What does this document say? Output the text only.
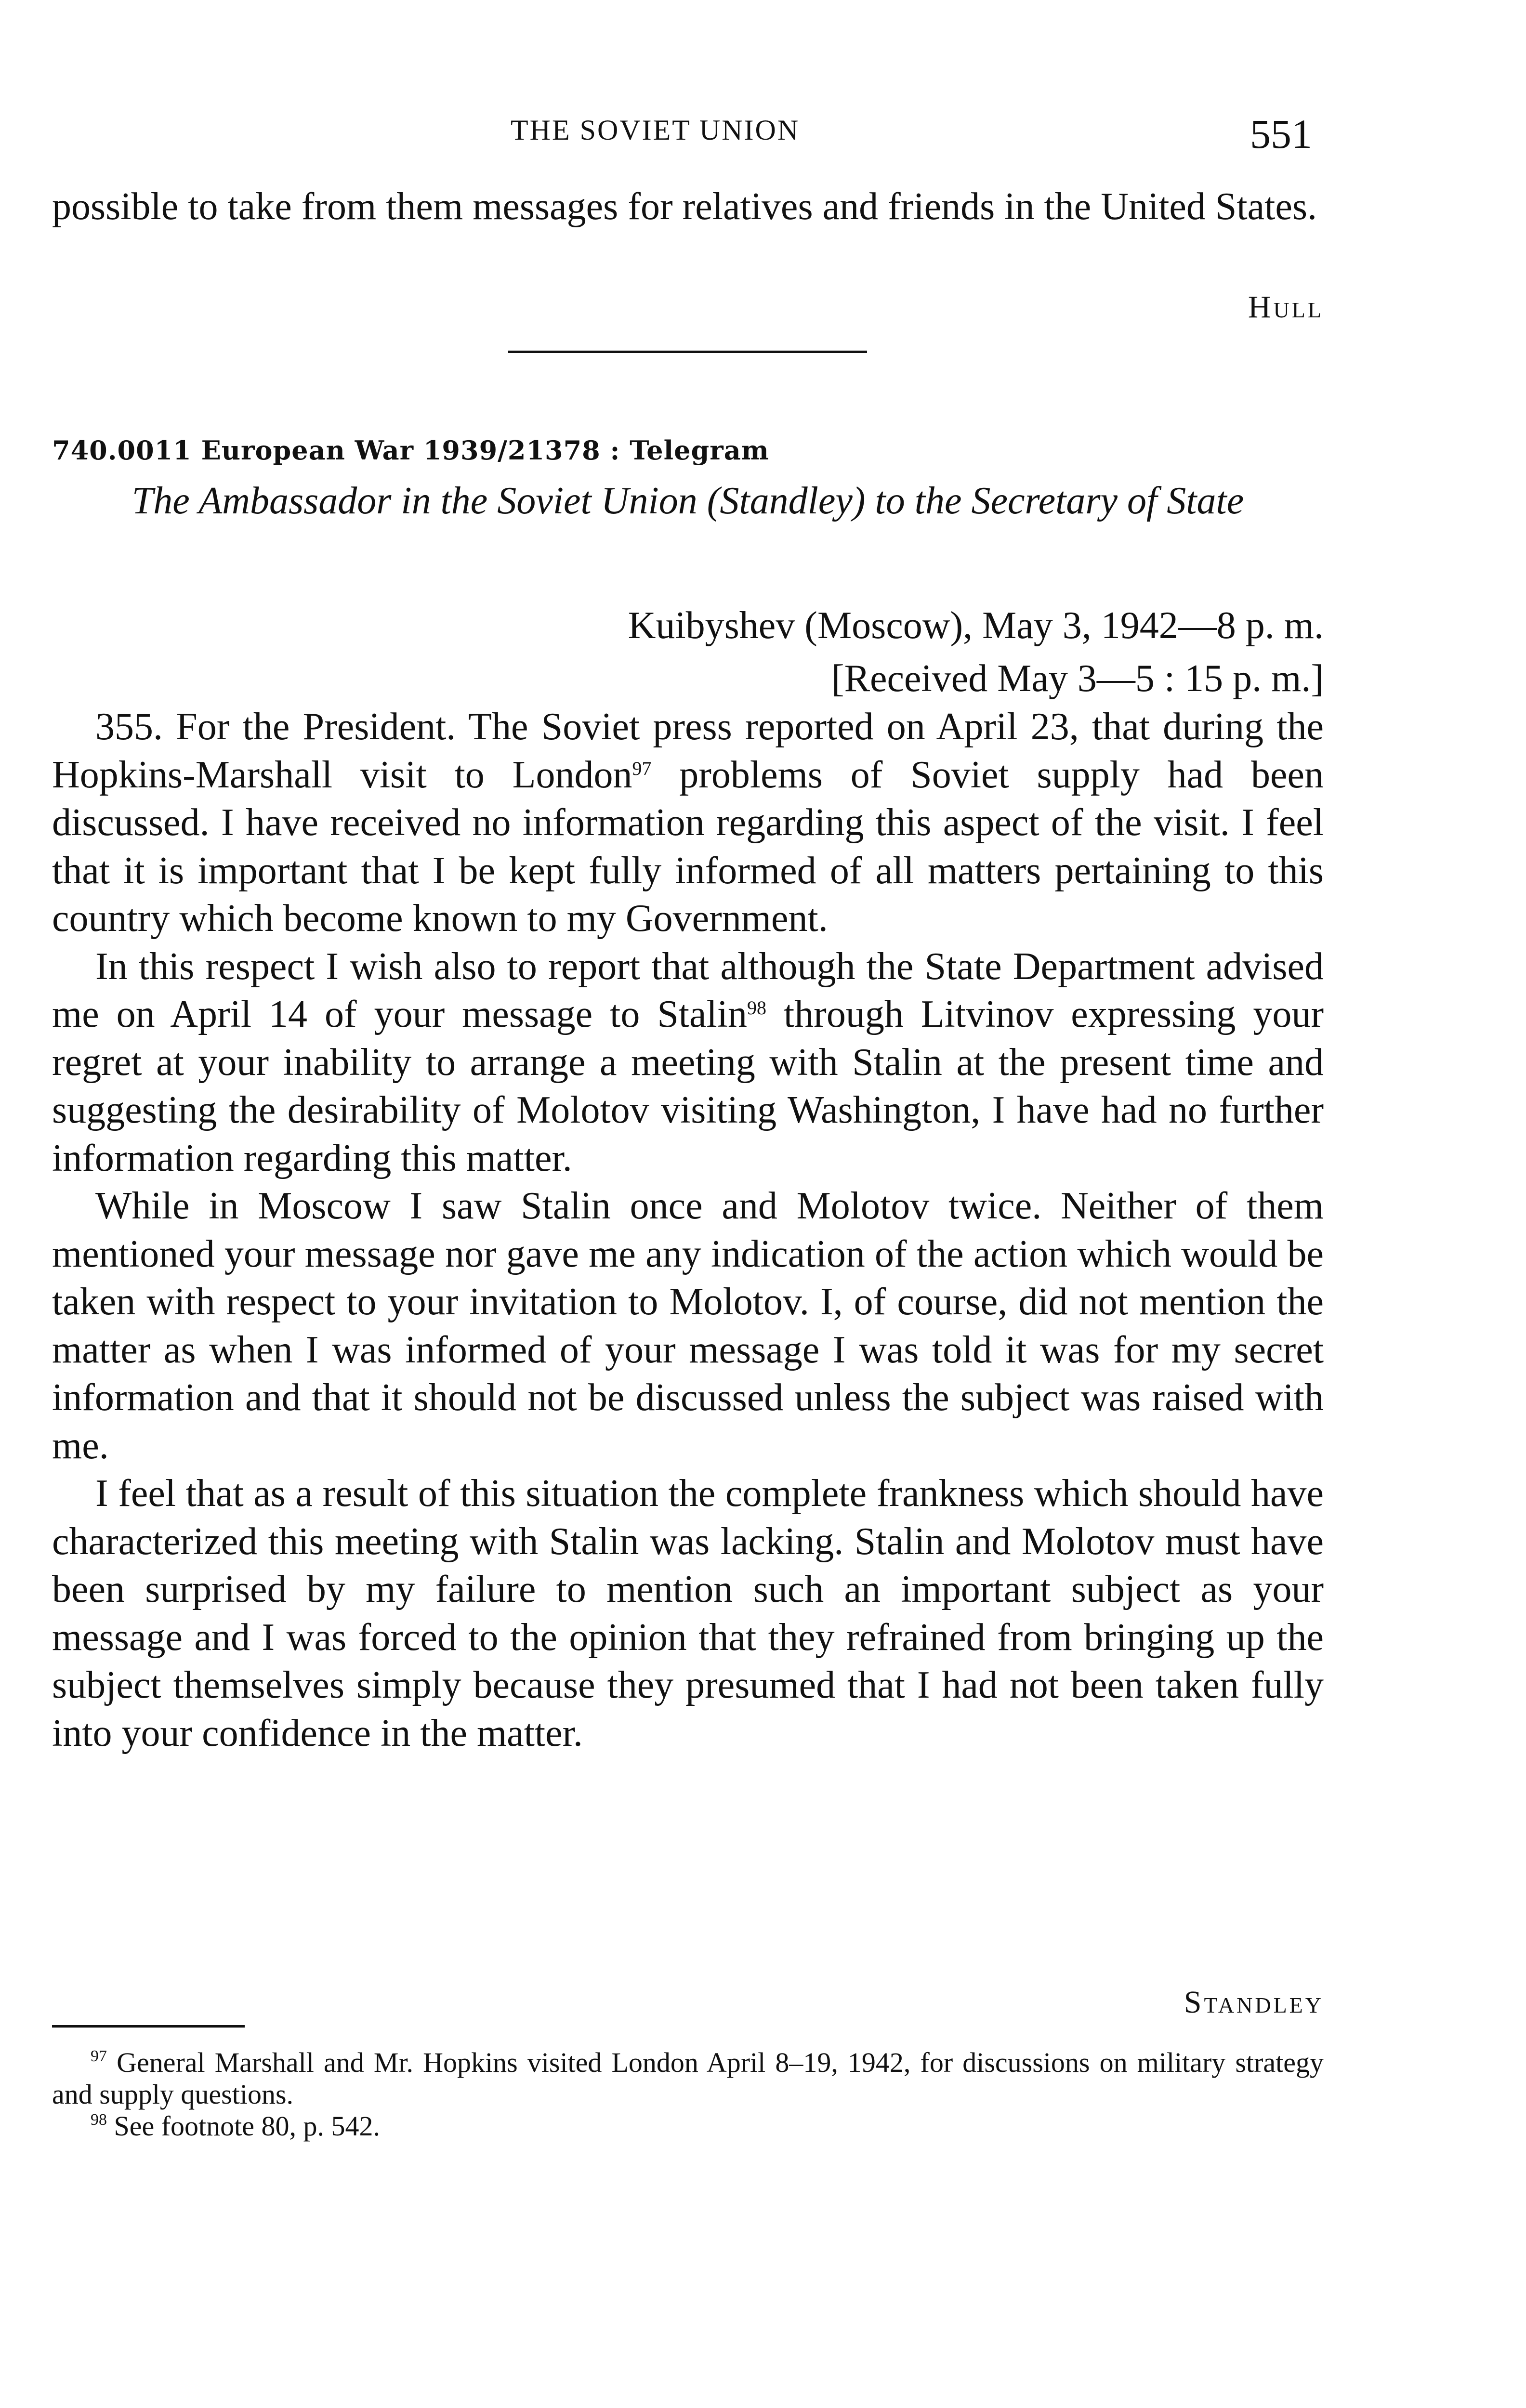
THE SOVIET UNION	551
possible to take from them messages for relatives and friends in the United States.
Hull
740.0011 European War 1939/21378 : Telegram
The Ambassador in the Soviet Union (Standley) to the Secretary of State
Kuibyshev (Moscow), May 3, 1942—8 p. m.
[Received May 3—5 : 15 p. m.]

355. For the President. The Soviet press reported on April 23, that during the Hopkins-Marshall visit to London$^{97}$ problems of Soviet supply had been discussed. I have received no information regarding this aspect of the visit. I feel that it is important that I be kept fully informed of all matters pertaining to this country which become known to my Government.

In this respect I wish also to report that although the State Department advised me on April 14 of your message to Stalin$^{98}$ through Litvinov expressing your regret at your inability to arrange a meeting with Stalin at the present time and suggesting the desirability of Molotov visiting Washington, I have had no further information regarding this matter.

While in Moscow I saw Stalin once and Molotov twice. Neither of them mentioned your message nor gave me any indication of the action which would be taken with respect to your invitation to Molotov. I, of course, did not mention the matter as when I was informed of your message I was told it was for my secret information and that it should not be discussed unless the subject was raised with me.

I feel that as a result of this situation the complete frankness which should have characterized this meeting with Stalin was lacking. Stalin and Molotov must have been surprised by my failure to mention such an important subject as your message and I was forced to the opinion that they refrained from bringing up the subject themselves simply because they presumed that I had not been taken fully into your confidence in the matter.

Standley

$^{97}$ General Marshall and Mr. Hopkins visited London April 8–19, 1942, for discussions on military strategy and supply questions.

$^{98}$ See footnote 80, p. 542.
